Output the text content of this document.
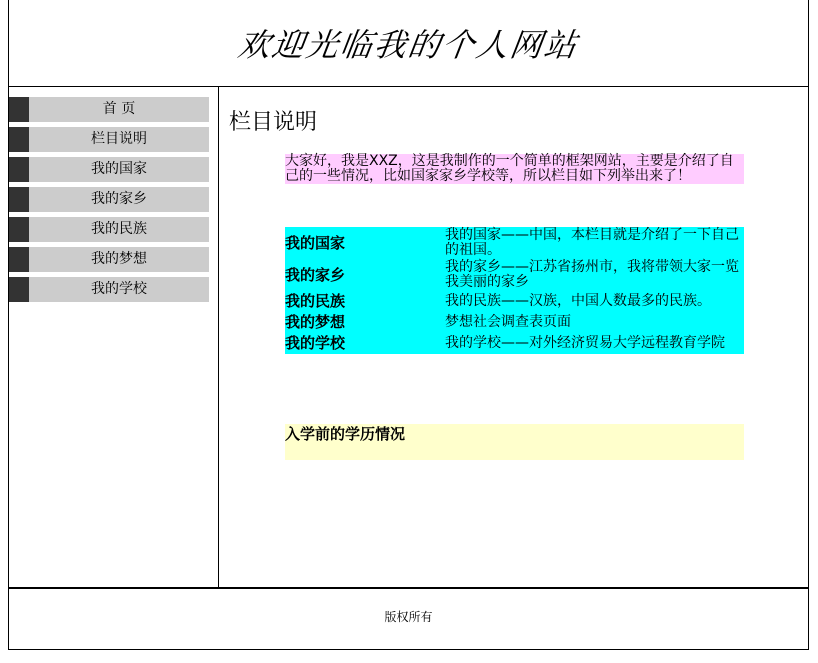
欢迎光临我的个人网站
首 页
栏目说明
我的国家
我的家乡
我的民族
我的梦想
我的学校
栏目说明
大家好，我是XXZ，这是我制作的一个简单的框架网站，主要是介绍了自己的一些情况，比如国家家乡学校等，所以栏目如下列举出来了！
我的国家	我的国家——中国，本栏目就是介绍了一下自己的祖国。
我的家乡	我的家乡——江苏省扬州市，我将带领大家一览我美丽的家乡
我的民族	我的民族——汉族，中国人数最多的民族。
我的梦想	梦想社会调查表页面
我的学校	我的学校——对外经济贸易大学远程教育学院
入学前的学历情况
版权所有
